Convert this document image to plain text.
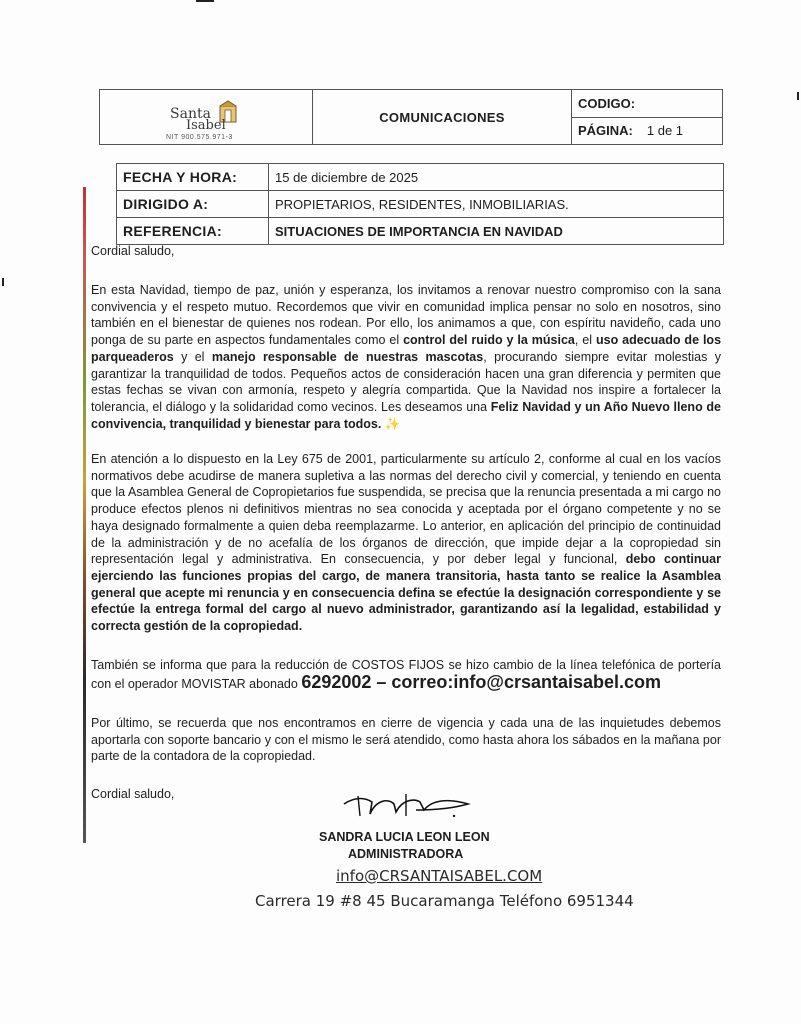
Santa
Isabel
NIT 900.575.971-3
COMUNICACIONES
CODIGO:
PÁGINA: 1 de 1
FECHA Y HORA:	15 de diciembre de 2025
DIRIGIDO A:	PROPIETARIOS, RESIDENTES, INMOBILIARIAS.
REFERENCIA:	SITUACIONES DE IMPORTANCIA EN NAVIDAD
Cordial saludo,
En esta Navidad, tiempo de paz, unión y esperanza, los invitamos a renovar nuestro compromiso con la sana convivencia y el respeto mutuo. Recordemos que vivir en comunidad implica pensar no solo en nosotros, sino también en el bienestar de quienes nos rodean. Por ello, los animamos a que, con espíritu navideño, cada uno ponga de su parte en aspectos fundamentales como el control del ruido y la música, el uso adecuado de los parqueaderos y el manejo responsable de nuestras mascotas, procurando siempre evitar molestias y garantizar la tranquilidad de todos. Pequeños actos de consideración hacen una gran diferencia y permiten que estas fechas se vivan con armonía, respeto y alegría compartida. Que la Navidad nos inspire a fortalecer la tolerancia, el diálogo y la solidaridad como vecinos. Les deseamos una Feliz Navidad y un Año Nuevo lleno de convivencia, tranquilidad y bienestar para todos. ✨
En atención a lo dispuesto en la Ley 675 de 2001, particularmente su artículo 2, conforme al cual en los vacíos normativos debe acudirse de manera supletiva a las normas del derecho civil y comercial, y teniendo en cuenta que la Asamblea General de Copropietarios fue suspendida, se precisa que la renuncia presentada a mi cargo no produce efectos plenos ni definitivos mientras no sea conocida y aceptada por el órgano competente y no se haya designado formalmente a quien deba reemplazarme. Lo anterior, en aplicación del principio de continuidad de la administración y de no acefalía de los órganos de dirección, que impide dejar a la copropiedad sin representación legal y administrativa. En consecuencia, y por deber legal y funcional, debo continuar ejerciendo las funciones propias del cargo, de manera transitoria, hasta tanto se realice la Asamblea general que acepte mi renuncia y en consecuencia defina se efectúe la designación correspondiente y se efectúe la entrega formal del cargo al nuevo administrador, garantizando así la legalidad, estabilidad y correcta gestión de la copropiedad.
También se informa que para la reducción de COSTOS FIJOS se hizo cambio de la línea telefónica de portería con el operador MOVISTAR abonado 6292002 – correo:info@crsantaisabel.com
Por último, se recuerda que nos encontramos en cierre de vigencia y cada una de las inquietudes debemos aportarla con soporte bancario y con el mismo le será atendido, como hasta ahora los sábados en la mañana por parte de la contadora de la copropiedad.
Cordial saludo,
SANDRA LUCIA LEON LEON
ADMINISTRADORA
info@CRSANTAISABEL.COM
Carrera 19 #8 45 Bucaramanga Teléfono 6951344
